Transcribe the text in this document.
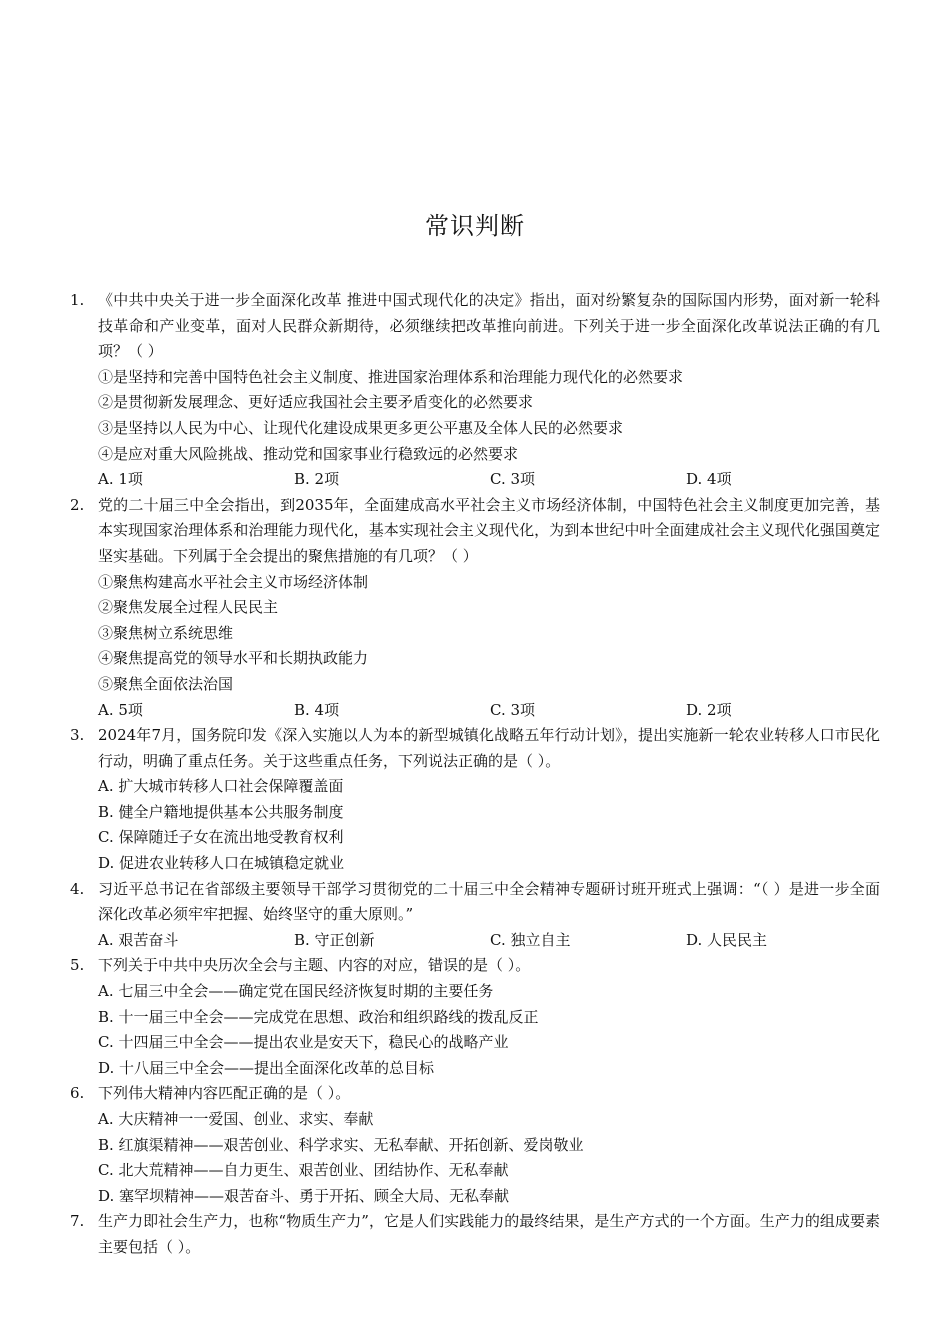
常识判断
1. 《中共中央关于进一步全面深化改革 推进中国式现代化的决定》指出，面对纷繁复杂的国际国内形势，面对新一轮科技革命和产业变革，面对人民群众新期待，必须继续把改革推向前进。下列关于进一步全面深化改革说法正确的有几项？（ ）
①是坚持和完善中国特色社会主义制度、推进国家治理体系和治理能力现代化的必然要求
②是贯彻新发展理念、更好适应我国社会主要矛盾变化的必然要求
③是坚持以人民为中心、让现代化建设成果更多更公平惠及全体人民的必然要求
④是应对重大风险挑战、推动党和国家事业行稳致远的必然要求
A. 1项	B. 2项	C. 3项	D. 4项
2. 党的二十届三中全会指出，到2035年，全面建成高水平社会主义市场经济体制，中国特色社会主义制度更加完善，基本实现国家治理体系和治理能力现代化，基本实现社会主义现代化，为到本世纪中叶全面建成社会主义现代化强国奠定坚实基础。下列属于全会提出的聚焦措施的有几项？（ ）
①聚焦构建高水平社会主义市场经济体制
②聚焦发展全过程人民民主
③聚焦树立系统思维
④聚焦提高党的领导水平和长期执政能力
⑤聚焦全面依法治国
A. 5项	B. 4项	C. 3项	D. 2项
3. 2024年7月，国务院印发《深入实施以人为本的新型城镇化战略五年行动计划》，提出实施新一轮农业转移人口市民化行动，明确了重点任务。关于这些重点任务，下列说法正确的是（ ）。
A. 扩大城市转移人口社会保障覆盖面
B. 健全户籍地提供基本公共服务制度
C. 保障随迁子女在流出地受教育权利
D. 促进农业转移人口在城镇稳定就业
4. 习近平总书记在省部级主要领导干部学习贯彻党的二十届三中全会精神专题研讨班开班式上强调：“（ ）是进一步全面深化改革必须牢牢把握、始终坚守的重大原则。”
A. 艰苦奋斗	B. 守正创新	C. 独立自主	D. 人民民主
5. 下列关于中共中央历次全会与主题、内容的对应，错误的是（ ）。
A. 七届三中全会——确定党在国民经济恢复时期的主要任务
B. 十一届三中全会——完成党在思想、政治和组织路线的拨乱反正
C. 十四届三中全会——提出农业是安天下，稳民心的战略产业
D. 十八届三中全会——提出全面深化改革的总目标
6. 下列伟大精神内容匹配正确的是（ ）。
A. 大庆精神一一爱国、创业、求实、奉献
B. 红旗渠精神——艰苦创业、科学求实、无私奉献、开拓创新、爱岗敬业
C. 北大荒精神——自力更生、艰苦创业、团结协作、无私奉献
D. 塞罕坝精神——艰苦奋斗、勇于开拓、顾全大局、无私奉献
7. 生产力即社会生产力，也称“物质生产力”，它是人们实践能力的最终结果，是生产方式的一个方面。生产力的组成要素主要包括（ ）。
